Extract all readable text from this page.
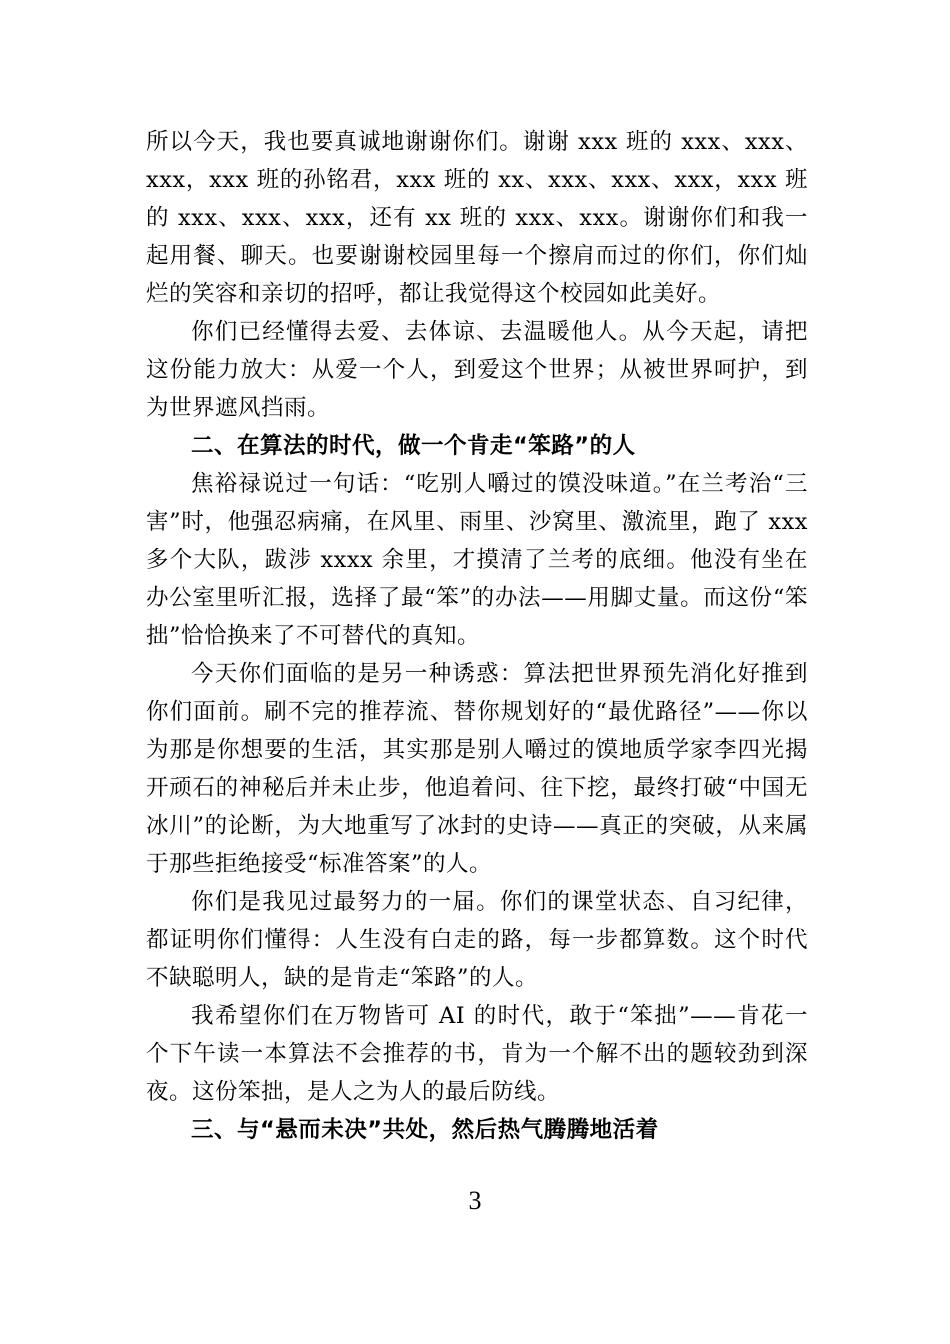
所以今天，我也要真诚地谢谢你们。谢谢 xxx 班的 xxx、xxx、xxx，xxx 班的孙铭君，xxx 班的 xx、xxx、xxx、xxx，xxx 班的 xxx、xxx、xxx，还有 xx 班的 xxx、xxx。谢谢你们和我一起用餐、聊天。也要谢谢校园里每一个擦肩而过的你们，你们灿烂的笑容和亲切的招呼，都让我觉得这个校园如此美好。

你们已经懂得去爱、去体谅、去温暖他人。从今天起，请把这份能力放大：从爱一个人，到爱这个世界；从被世界呵护，到为世界遮风挡雨。

二、在算法的时代，做一个肯走“笨路”的人

焦裕禄说过一句话：“吃别人嚼过的馍没味道。”在兰考治“三害”时，他强忍病痛，在风里、雨里、沙窝里、激流里，跑了 xxx 多个大队，跋涉 xxxx 余里，才摸清了兰考的底细。他没有坐在办公室里听汇报，选择了最“笨”的办法——用脚丈量。而这份“笨拙”恰恰换来了不可替代的真知。

今天你们面临的是另一种诱惑：算法把世界预先消化好推到你们面前。刷不完的推荐流、替你规划好的“最优路径”——你以为那是你想要的生活，其实那是别人嚼过的馍地质学家李四光揭开顽石的神秘后并未止步，他追着问、往下挖，最终打破“中国无冰川”的论断，为大地重写了冰封的史诗——真正的突破，从来属于那些拒绝接受“标准答案”的人。

你们是我见过最努力的一届。你们的课堂状态、自习纪律，都证明你们懂得：人生没有白走的路，每一步都算数。这个时代不缺聪明人，缺的是肯走“笨路”的人。

我希望你们在万物皆可 AI 的时代，敢于“笨拙”——肯花一个下午读一本算法不会推荐的书，肯为一个解不出的题较劲到深夜。这份笨拙，是人之为人的最后防线。

三、与“悬而未决”共处，然后热气腾腾地活着

3
